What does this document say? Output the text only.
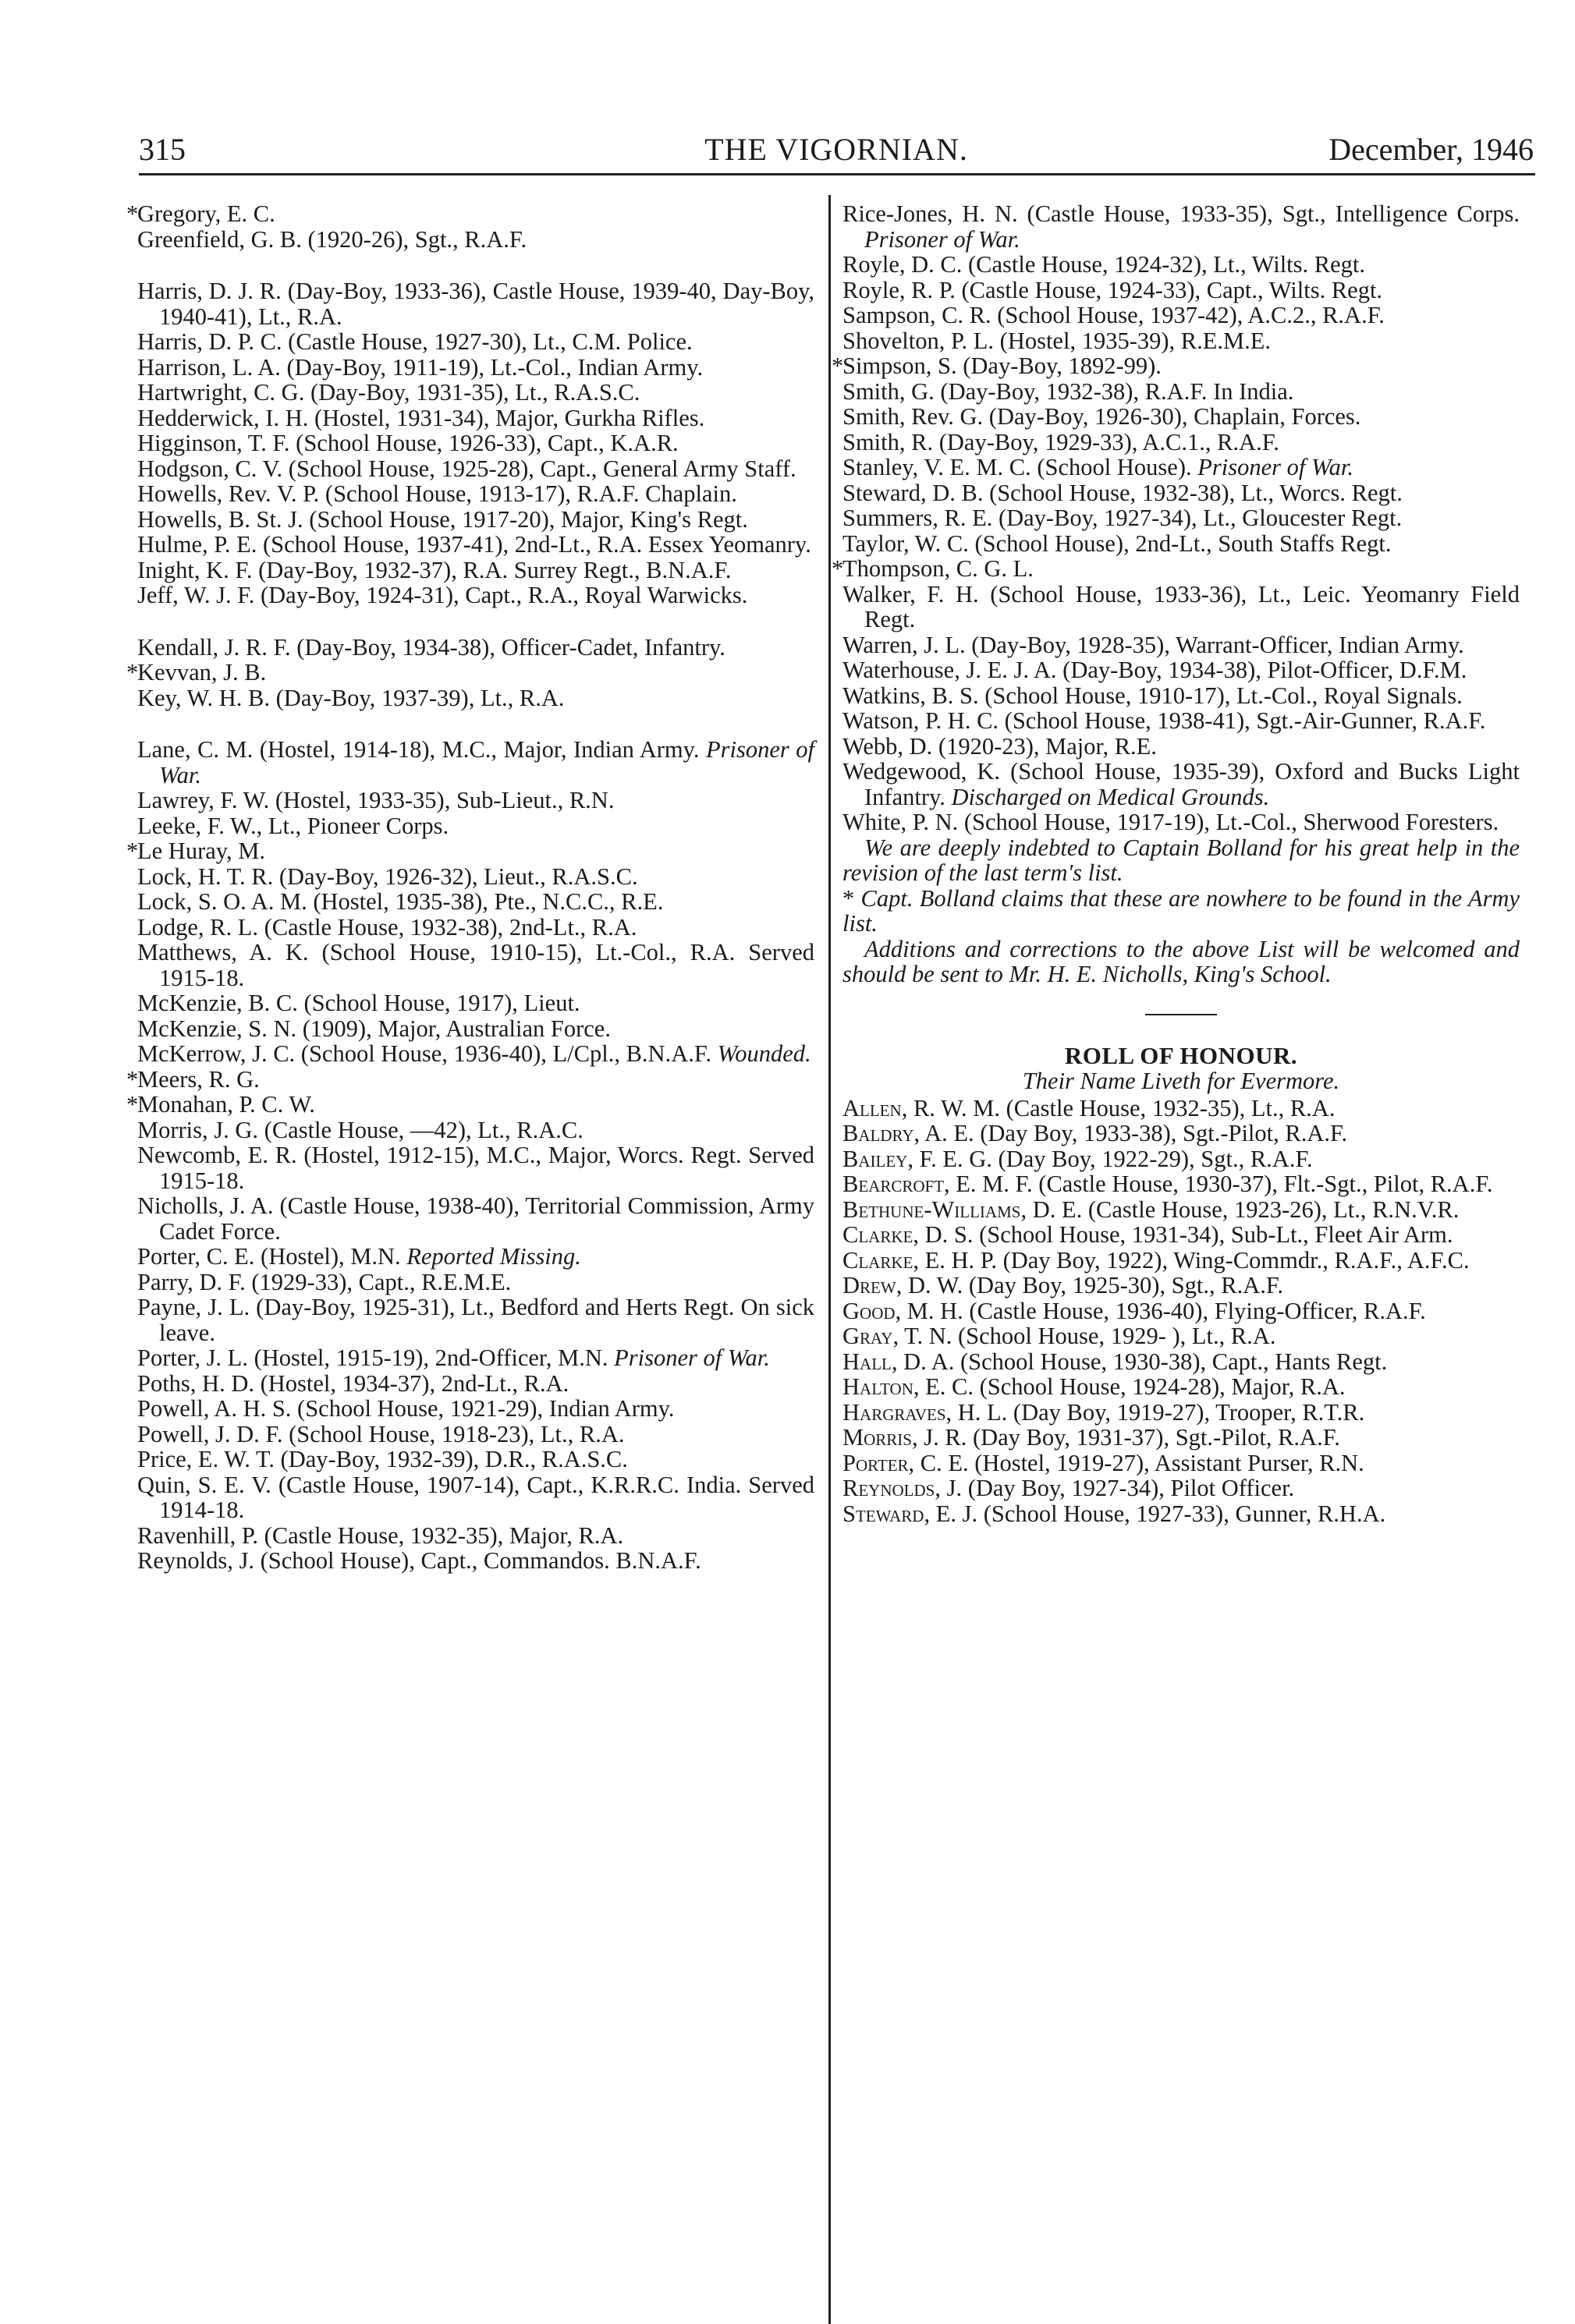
315	THE VIGORNIAN.	December, 1946
* Gregory, E. C.
Greenfield, G. B. (1920-26), Sgt., R.A.F.
Harris, D. J. R. (Day-Boy, 1933-36), Castle House, 1939-40, Day-Boy, 1940-41), Lt., R.A.
Harris, D. P. C. (Castle House, 1927-30), Lt., C.M. Police.
Harrison, L. A. (Day-Boy, 1911-19), Lt.-Col., Indian Army.
Hartwright, C. G. (Day-Boy, 1931-35), Lt., R.A.S.C.
Hedderwick, I. H. (Hostel, 1931-34), Major, Gurkha Rifles.
Higginson, T. F. (School House, 1926-33), Capt., K.A.R.
Hodgson, C. V. (School House, 1925-28), Capt., General Army Staff.
Howells, Rev. V. P. (School House, 1913-17), R.A.F. Chaplain.
Howells, B. St. J. (School House, 1917-20), Major, King's Regt.
Hulme, P. E. (School House, 1937-41), 2nd-Lt., R.A. Essex Yeomanry.
Inight, K. F. (Day-Boy, 1932-37), R.A. Surrey Regt., B.N.A.F.
Jeff, W. J. F. (Day-Boy, 1924-31), Capt., R.A., Royal Warwicks.
Kendall, J. R. F. (Day-Boy, 1934-38), Officer-Cadet, Infantry.
* Kevvan, J. B.
Key, W. H. B. (Day-Boy, 1937-39), Lt., R.A.
Lane, C. M. (Hostel, 1914-18), M.C., Major, Indian Army. Prisoner of War.
Lawrey, F. W. (Hostel, 1933-35), Sub-Lieut., R.N.
Leeke, F. W., Lt., Pioneer Corps.
* Le Huray, M.
Lock, H. T. R. (Day-Boy, 1926-32), Lieut., R.A.S.C.
Lock, S. O. A. M. (Hostel, 1935-38), Pte., N.C.C., R.E.
Lodge, R. L. (Castle House, 1932-38), 2nd-Lt., R.A.
Matthews, A. K. (School House, 1910-15), Lt.-Col., R.A. Served 1915-18.
McKenzie, B. C. (School House, 1917), Lieut.
McKenzie, S. N. (1909), Major, Australian Force.
McKerrow, J. C. (School House, 1936-40), L/Cpl., B.N.A.F. Wounded.
* Meers, R. G.
* Monahan, P. C. W.
Morris, J. G. (Castle House, —42), Lt., R.A.C.
Newcomb, E. R. (Hostel, 1912-15), M.C., Major, Worcs. Regt. Served 1915-18.
Nicholls, J. A. (Castle House, 1938-40), Territorial Commission, Army Cadet Force.
Porter, C. E. (Hostel), M.N. Reported Missing.
Parry, D. F. (1929-33), Capt., R.E.M.E.
Payne, J. L. (Day-Boy, 1925-31), Lt., Bedford and Herts Regt. On sick leave.
Porter, J. L. (Hostel, 1915-19), 2nd-Officer, M.N. Prisoner of War.
Poths, H. D. (Hostel, 1934-37), 2nd-Lt., R.A.
Powell, A. H. S. (School House, 1921-29), Indian Army.
Powell, J. D. F. (School House, 1918-23), Lt., R.A.
Price, E. W. T. (Day-Boy, 1932-39), D.R., R.A.S.C.
Quin, S. E. V. (Castle House, 1907-14), Capt., K.R.R.C. India. Served 1914-18.
Ravenhill, P. (Castle House, 1932-35), Major, R.A.
Reynolds, J. (School House), Capt., Commandos. B.N.A.F.
Rice-Jones, H. N. (Castle House, 1933-35), Sgt., Intelligence Corps. Prisoner of War.
Royle, D. C. (Castle House, 1924-32), Lt., Wilts. Regt.
Royle, R. P. (Castle House, 1924-33), Capt., Wilts. Regt.
Sampson, C. R. (School House, 1937-42), A.C.2., R.A.F.
Shovelton, P. L. (Hostel, 1935-39), R.E.M.E.
* Simpson, S. (Day-Boy, 1892-99).
Smith, G. (Day-Boy, 1932-38), R.A.F. In India.
Smith, Rev. G. (Day-Boy, 1926-30), Chaplain, Forces.
Smith, R. (Day-Boy, 1929-33), A.C.1., R.A.F.
Stanley, V. E. M. C. (School House). Prisoner of War.
Steward, D. B. (School House, 1932-38), Lt., Worcs. Regt.
Summers, R. E. (Day-Boy, 1927-34), Lt., Gloucester Regt.
Taylor, W. C. (School House), 2nd-Lt., South Staffs Regt.
* Thompson, C. G. L.
Walker, F. H. (School House, 1933-36), Lt., Leic. Yeomanry Field Regt.
Warren, J. L. (Day-Boy, 1928-35), Warrant-Officer, Indian Army.
Waterhouse, J. E. J. A. (Day-Boy, 1934-38), Pilot-Officer, D.F.M.
Watkins, B. S. (School House, 1910-17), Lt.-Col., Royal Signals.
Watson, P. H. C. (School House, 1938-41), Sgt.-Air-Gunner, R.A.F.
Webb, D. (1920-23), Major, R.E.
Wedgewood, K. (School House, 1935-39), Oxford and Bucks Light Infantry. Discharged on Medical Grounds.
White, P. N. (School House, 1917-19), Lt.-Col., Sherwood Foresters.
We are deeply indebted to Captain Bolland for his great help in the revision of the last term's list.
* Capt. Bolland claims that these are nowhere to be found in the Army list.
Additions and corrections to the above List will be welcomed and should be sent to Mr. H. E. Nicholls, King's School.
ROLL OF HONOUR.
Their Name Liveth for Evermore.
Allen, R. W. M. (Castle House, 1932-35), Lt., R.A.
Baldry, A. E. (Day Boy, 1933-38), Sgt.-Pilot, R.A.F.
Bailey, F. E. G. (Day Boy, 1922-29), Sgt., R.A.F.
Bearcroft, E. M. F. (Castle House, 1930-37), Flt.-Sgt., Pilot, R.A.F.
Bethune-Williams, D. E. (Castle House, 1923-26), Lt., R.N.V.R.
Clarke, D. S. (School House, 1931-34), Sub-Lt., Fleet Air Arm.
Clarke, E. H. P. (Day Boy, 1922), Wing-Commdr., R.A.F., A.F.C.
Drew, D. W. (Day Boy, 1925-30), Sgt., R.A.F.
Good, M. H. (Castle House, 1936-40), Flying-Officer, R.A.F.
Gray, T. N. (School House, 1929- ), Lt., R.A.
Hall, D. A. (School House, 1930-38), Capt., Hants Regt.
Halton, E. C. (School House, 1924-28), Major, R.A.
Hargraves, H. L. (Day Boy, 1919-27), Trooper, R.T.R.
Morris, J. R. (Day Boy, 1931-37), Sgt.-Pilot, R.A.F.
Porter, C. E. (Hostel, 1919-27), Assistant Purser, R.N.
Reynolds, J. (Day Boy, 1927-34), Pilot Officer.
Steward, E. J. (School House, 1927-33), Gunner, R.H.A.
